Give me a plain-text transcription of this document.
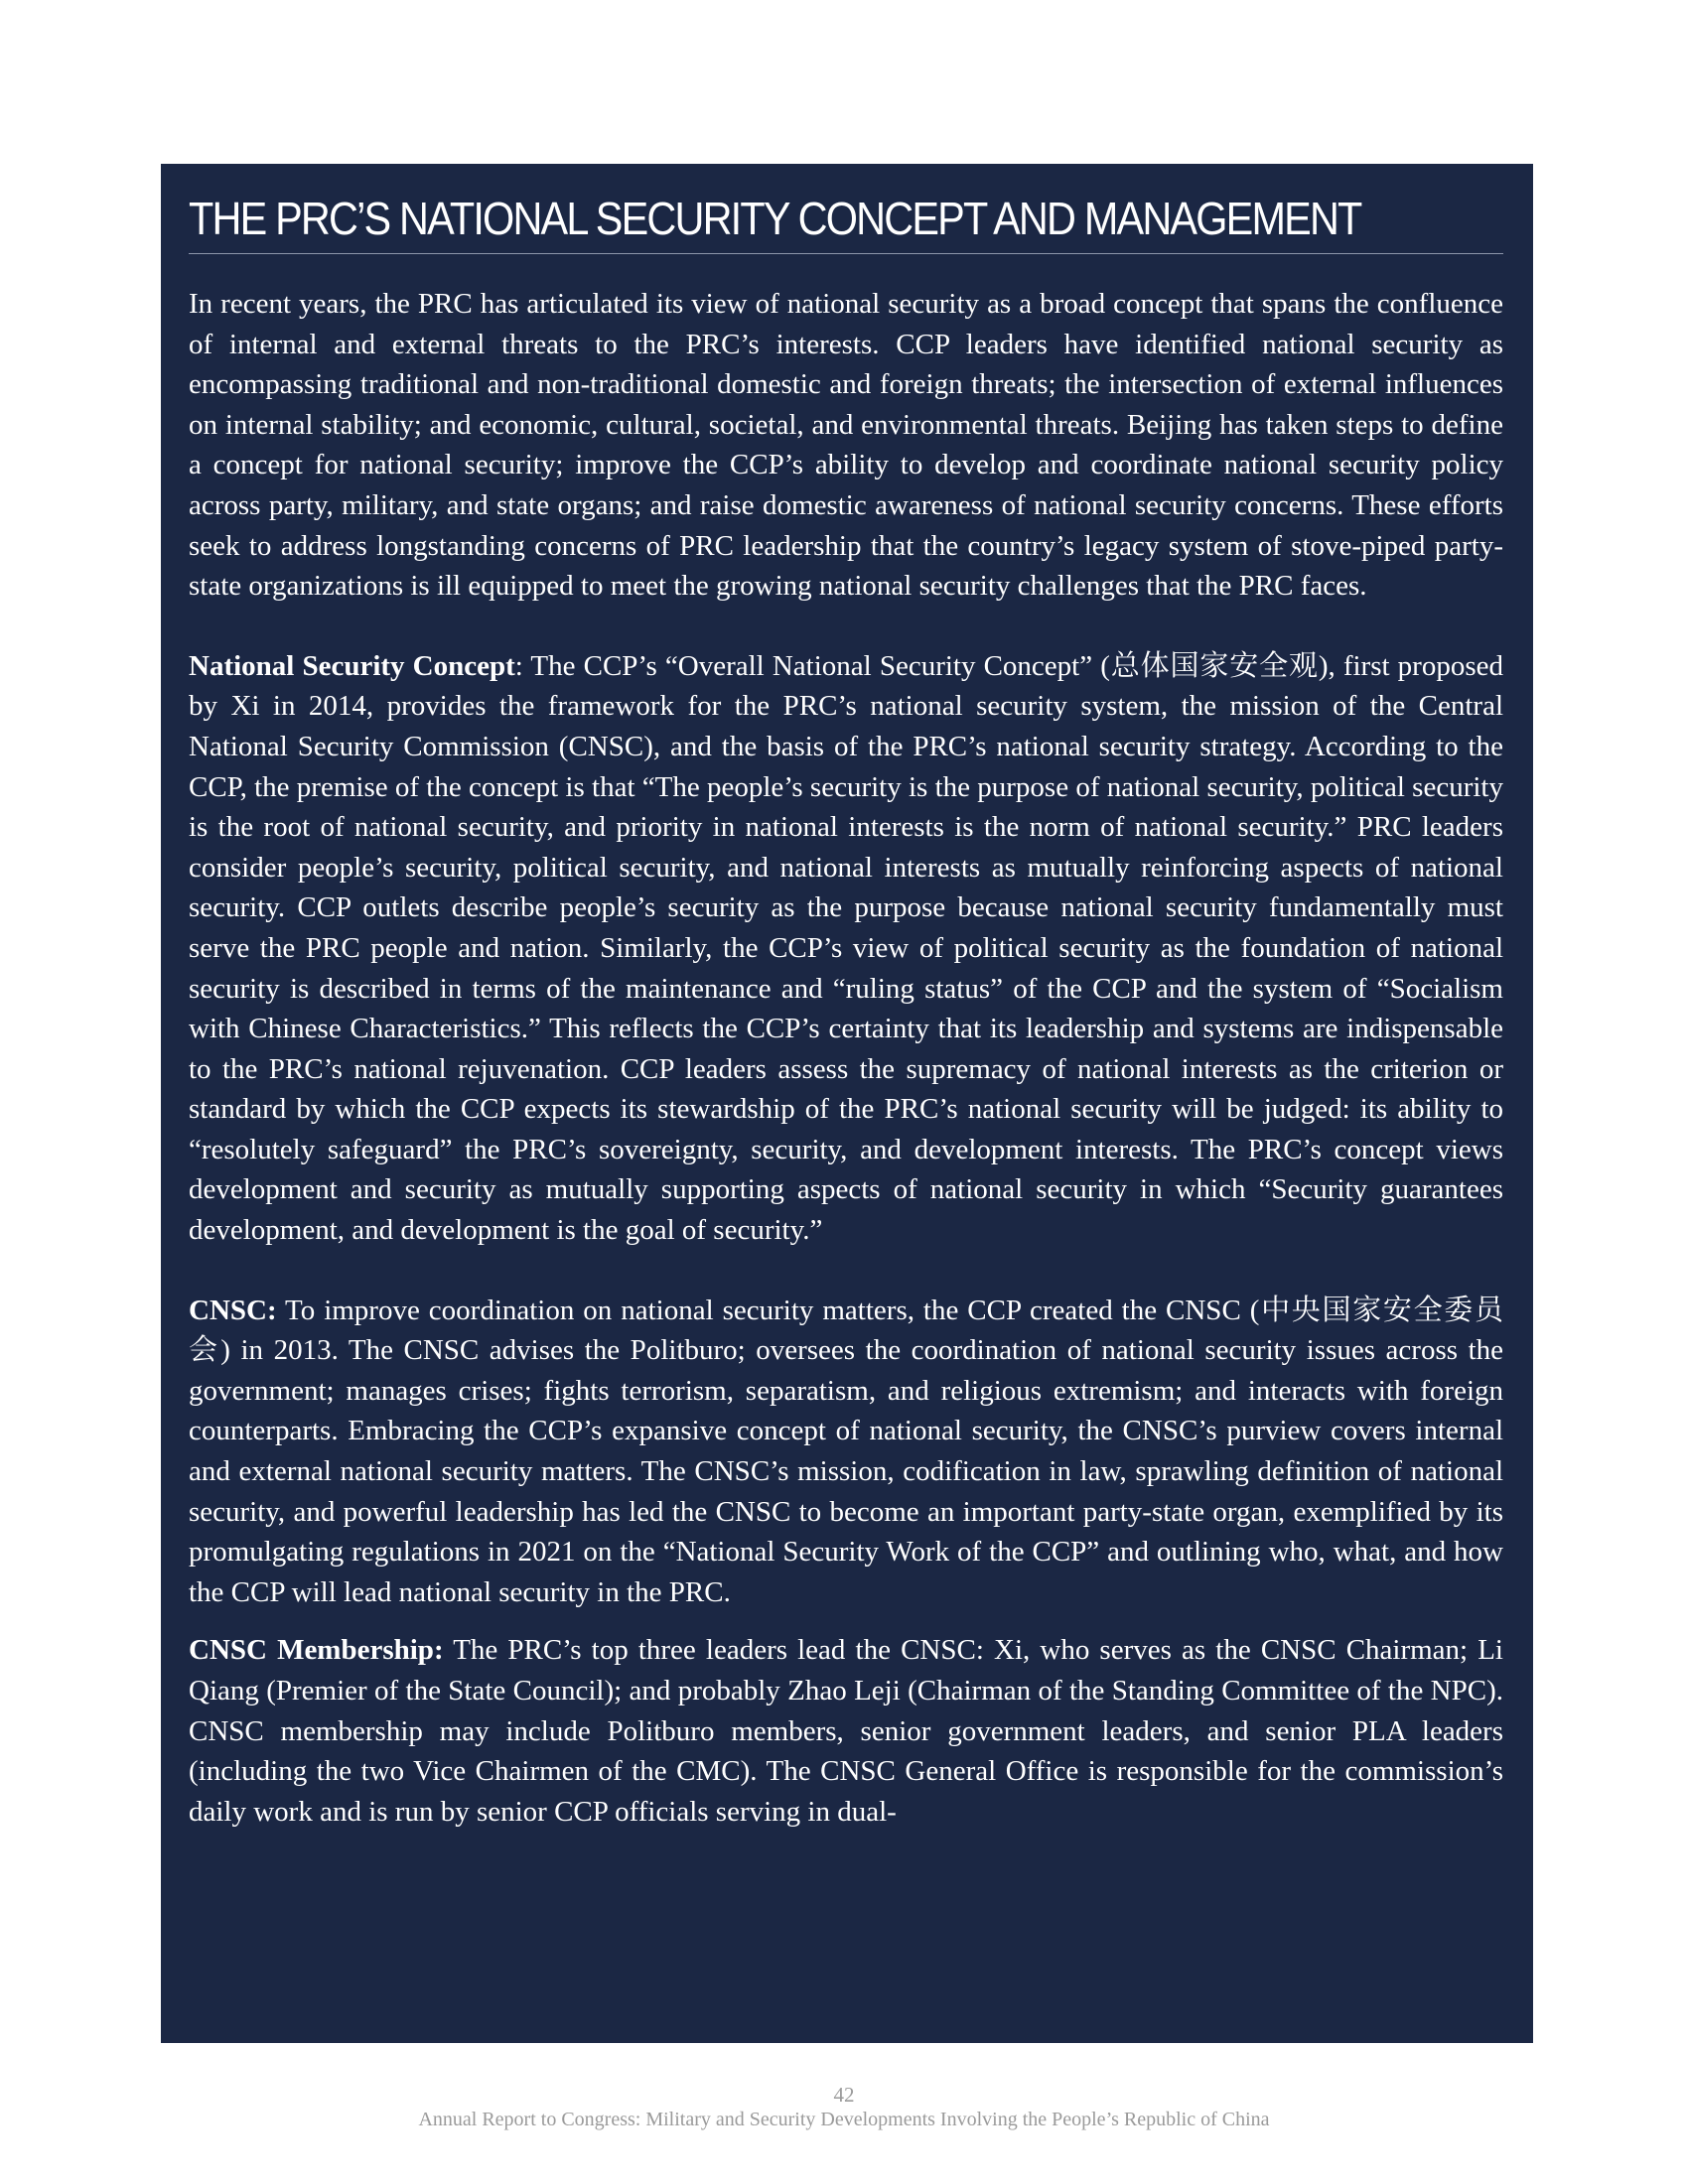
THE PRC’S NATIONAL SECURITY CONCEPT AND MANAGEMENT

In recent years, the PRC has articulated its view of national security as a broad concept that spans the confluence of internal and external threats to the PRC’s interests. CCP leaders have identified national security as encompassing traditional and non-traditional domestic and foreign threats; the intersection of external influences on internal stability; and economic, cultural, societal, and environmental threats. Beijing has taken steps to define a concept for national security; improve the CCP’s ability to develop and coordinate national security policy across party, military, and state organs; and raise domestic awareness of national security concerns. These efforts seek to address longstanding concerns of PRC leadership that the country’s legacy system of stove-piped party-state organizations is ill equipped to meet the growing national security challenges that the PRC faces.

National Security Concept: The CCP’s “Overall National Security Concept” (总体国家安全观), first proposed by Xi in 2014, provides the framework for the PRC’s national security system, the mission of the Central National Security Commission (CNSC), and the basis of the PRC’s national security strategy. According to the CCP, the premise of the concept is that “The people’s security is the purpose of national security, political security is the root of national security, and priority in national interests is the norm of national security.” PRC leaders consider people’s security, political security, and national interests as mutually reinforcing aspects of national security. CCP outlets describe people’s security as the purpose because national security fundamentally must serve the PRC people and nation. Similarly, the CCP’s view of political security as the foundation of national security is described in terms of the maintenance and “ruling status” of the CCP and the system of “Socialism with Chinese Characteristics.” This reflects the CCP’s certainty that its leadership and systems are indispensable to the PRC’s national rejuvenation. CCP leaders assess the supremacy of national interests as the criterion or standard by which the CCP expects its stewardship of the PRC’s national security will be judged: its ability to “resolutely safeguard” the PRC’s sovereignty, security, and development interests. The PRC’s concept views development and security as mutually supporting aspects of national security in which “Security guarantees development, and development is the goal of security.”

CNSC: To improve coordination on national security matters, the CCP created the CNSC (中央国家安全委员会) in 2013. The CNSC advises the Politburo; oversees the coordination of national security issues across the government; manages crises; fights terrorism, separatism, and religious extremism; and interacts with foreign counterparts. Embracing the CCP’s expansive concept of national security, the CNSC’s purview covers internal and external national security matters. The CNSC’s mission, codification in law, sprawling definition of national security, and powerful leadership has led the CNSC to become an important party-state organ, exemplified by its promulgating regulations in 2021 on the “National Security Work of the CCP” and outlining who, what, and how the CCP will lead national security in the PRC.

CNSC Membership: The PRC’s top three leaders lead the CNSC: Xi, who serves as the CNSC Chairman; Li Qiang (Premier of the State Council); and probably Zhao Leji (Chairman of the Standing Committee of the NPC). CNSC membership may include Politburo members, senior government leaders, and senior PLA leaders (including the two Vice Chairmen of the CMC). The CNSC General Office is responsible for the commission’s daily work and is run by senior CCP officials serving in dual-

42
Annual Report to Congress: Military and Security Developments Involving the People’s Republic of China
